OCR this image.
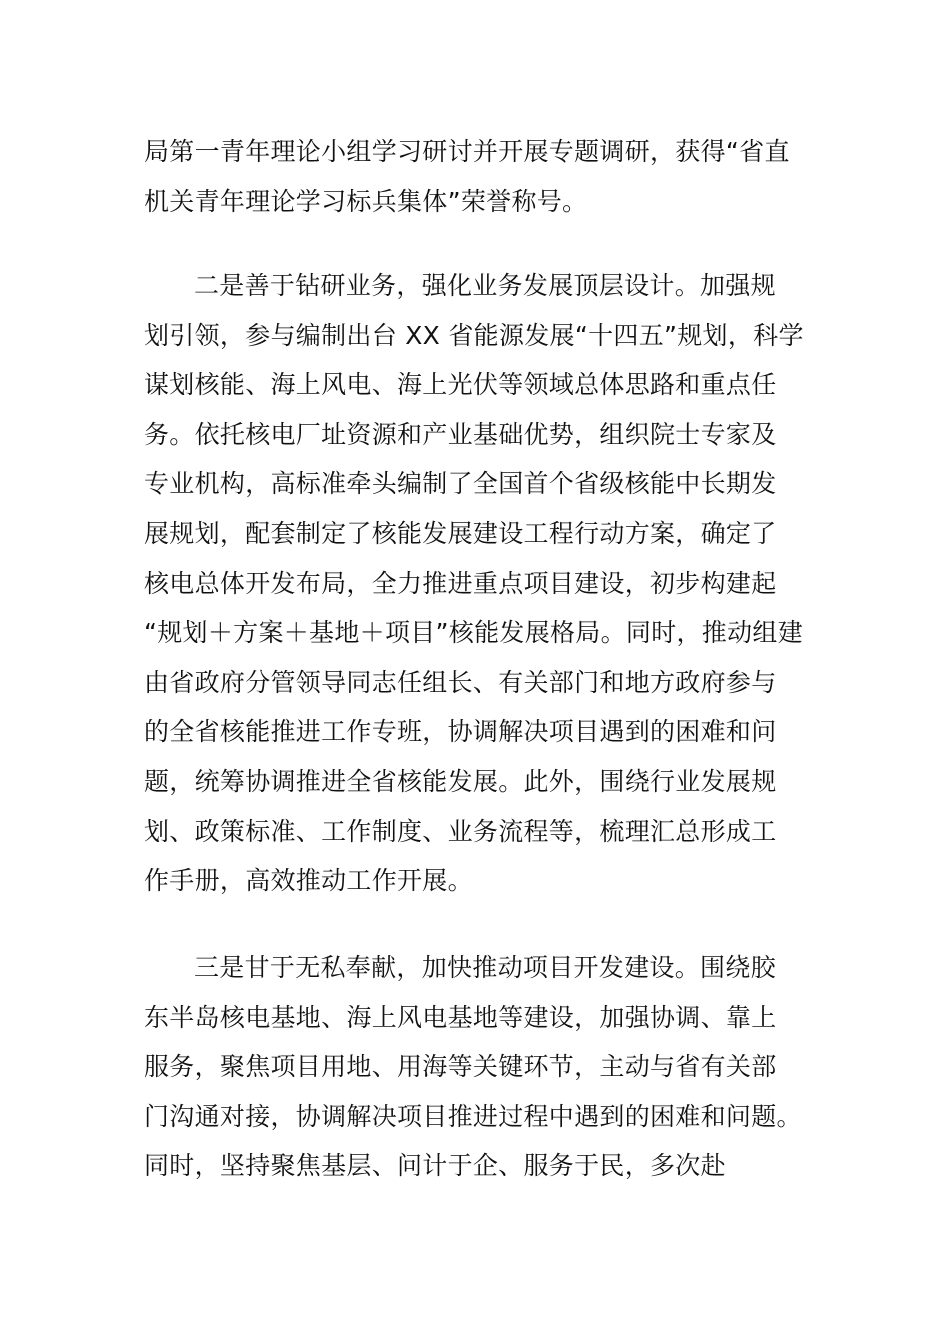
局第一青年理论小组学习研讨并开展专题调研，获得“省直
机关青年理论学习标兵集体”荣誉称号。
二是善于钻研业务，强化业务发展顶层设计。加强规
划引领，参与编制出台 XX 省能源发展“十四五”规划，科学
谋划核能、海上风电、海上光伏等领域总体思路和重点任
务。依托核电厂址资源和产业基础优势，组织院士专家及
专业机构，高标准牵头编制了全国首个省级核能中长期发
展规划，配套制定了核能发展建设工程行动方案，确定了
核电总体开发布局，全力推进重点项目建设，初步构建起
“规划＋方案＋基地＋项目”核能发展格局。同时，推动组建
由省政府分管领导同志任组长、有关部门和地方政府参与
的全省核能推进工作专班，协调解决项目遇到的困难和问
题，统筹协调推进全省核能发展。此外，围绕行业发展规
划、政策标准、工作制度、业务流程等，梳理汇总形成工
作手册，高效推动工作开展。
三是甘于无私奉献，加快推动项目开发建设。围绕胶
东半岛核电基地、海上风电基地等建设，加强协调、靠上
服务，聚焦项目用地、用海等关键环节，主动与省有关部
门沟通对接，协调解决项目推进过程中遇到的困难和问题。
同时，坚持聚焦基层、问计于企、服务于民，多次赴
